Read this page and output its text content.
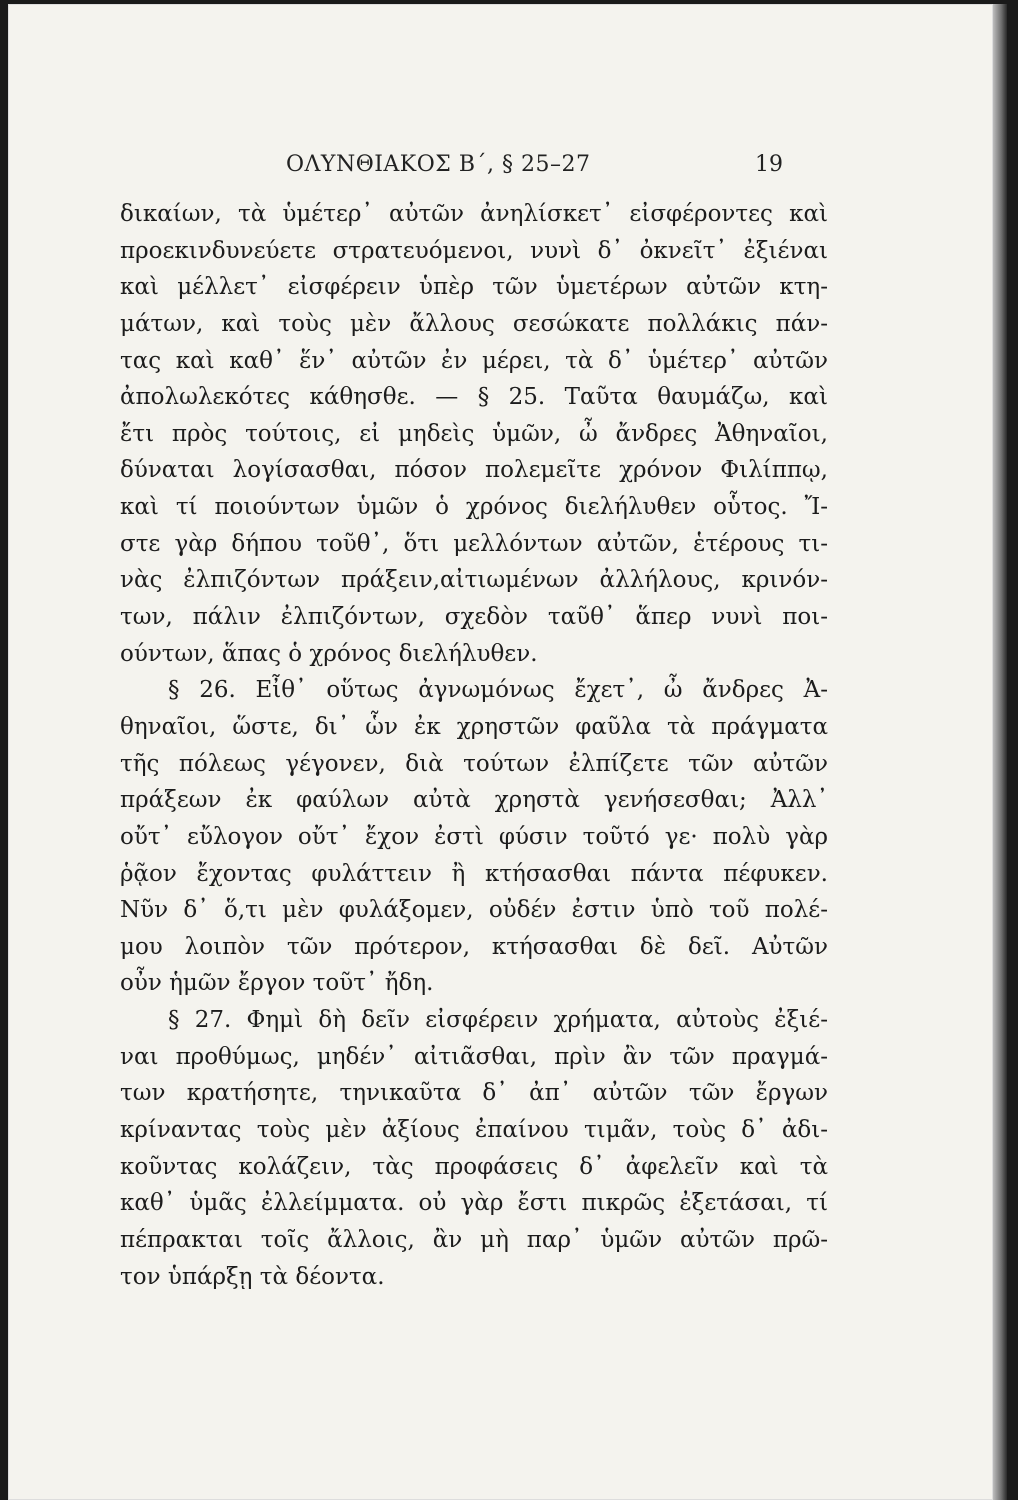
ΟΛΥΝΘΙΑΚΟΣ Β΄, § 25–27	19
δικαίων, τὰ ὑμέτερ᾽ αὐτῶν ἀνηλίσκετ᾽ εἰσφέροντες καὶ
προεκινδυνεύετε στρατευόμενοι, νυνὶ δ᾽ ὀκνεῖτ᾽ ἐξιέναι
καὶ μέλλετ᾽ εἰσφέρειν ὑπὲρ τῶν ὑμετέρων αὐτῶν κτη-
μάτων, καὶ τοὺς μὲν ἄλλους σεσώκατε πολλάκις πάν-
τας καὶ καθ᾽ ἕν᾽ αὐτῶν ἐν μέρει, τὰ δ᾽ ὑμέτερ᾽ αὐτῶν
ἀπολωλεκότες κάθησθε. — § 25. Ταῦτα θαυμάζω, καὶ
ἔτι πρὸς τούτοις, εἰ μηδεὶς ὑμῶν, ὦ ἄνδρες Ἀθηναῖοι,
δύναται λογίσασθαι, πόσον πολεμεῖτε χρόνον Φιλίππῳ,
καὶ τί ποιούντων ὑμῶν ὁ χρόνος διελήλυθεν οὗτος. Ἴ-
στε γὰρ δήπου τοῦθ᾽, ὅτι μελλόντων αὐτῶν, ἑτέρους τι-
νὰς ἐλπιζόντων πράξειν,αἰτιωμένων ἀλλήλους, κρινόν-
των, πάλιν ἐλπιζόντων, σχεδὸν ταῦθ᾽ ἅπερ νυνὶ ποι-
ούντων, ἅπας ὁ χρόνος διελήλυθεν.
§ 26. Εἶθ᾽ οὕτως ἀγνωμόνως ἔχετ᾽, ὦ ἄνδρες Ἀ-
θηναῖοι, ὥστε, δι᾽ ὧν ἐκ χρηστῶν φαῦλα τὰ πράγματα
τῆς πόλεως γέγονεν, διὰ τούτων ἐλπίζετε τῶν αὐτῶν
πράξεων ἐκ φαύλων αὐτὰ χρηστὰ γενήσεσθαι; Ἀλλ᾽
οὔτ᾽ εὔλογον οὔτ᾽ ἔχον ἐστὶ φύσιν τοῦτό γε· πολὺ γὰρ
ῥᾷον ἔχοντας φυλάττειν ἢ κτήσασθαι πάντα πέφυκεν.
Νῦν δ᾽ ὅ,τι μὲν φυλάξομεν, οὐδέν ἐστιν ὑπὸ τοῦ πολέ-
μου λοιπὸν τῶν πρότερον, κτήσασθαι δὲ δεῖ. Αὐτῶν
οὖν ἡμῶν ἔργον τοῦτ᾽ ἤδη.
§ 27. Φημὶ δὴ δεῖν εἰσφέρειν χρήματα, αὐτοὺς ἐξιέ-
ναι προθύμως, μηδέν᾽ αἰτιᾶσθαι, πρὶν ἂν τῶν πραγμά-
των κρατήσητε, τηνικαῦτα δ᾽ ἀπ᾽ αὐτῶν τῶν ἔργων
κρίναντας τοὺς μὲν ἀξίους ἐπαίνου τιμᾶν, τοὺς δ᾽ ἀδι-
κοῦντας κολάζειν, τὰς προφάσεις δ᾽ ἀφελεῖν καὶ τὰ
καθ᾽ ὑμᾶς ἐλλείμματα. οὐ γὰρ ἔστι πικρῶς ἐξετάσαι, τί
πέπρακται τοῖς ἄλλοις, ἂν μὴ παρ᾽ ὑμῶν αὐτῶν πρῶ-
τον ὑπάρξῃ τὰ δέοντα.
